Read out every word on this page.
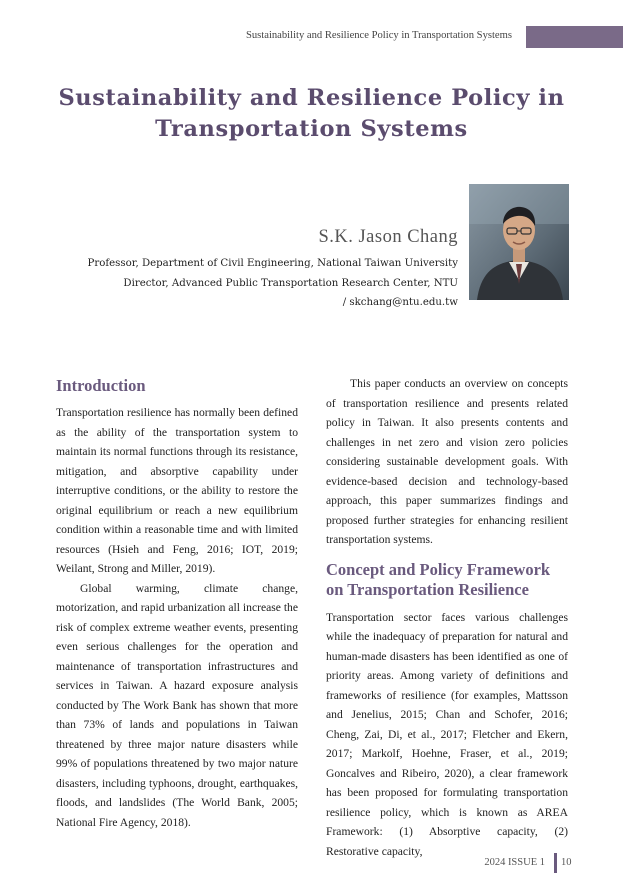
Sustainability and Resilience Policy in Transportation Systems
Sustainability and Resilience Policy in
Transportation Systems
S.K. Jason Chang
Professor, Department of Civil Engineering, National Taiwan University
Director, Advanced Public Transportation Research Center, NTU
/ skchang@ntu.edu.tw
Introduction

Transportation resilience has normally been defined as the ability of the transportation system to maintain its normal functions through its resistance, mitigation, and absorptive capability under interruptive conditions, or the ability to restore the original equilibrium or reach a new equilibrium condition within a reasonable time and with limited resources (Hsieh and Feng, 2016; IOT, 2019; Weilant, Strong and Miller, 2019).

Global warming, climate change, motorization, and rapid urbanization all increase the risk of complex extreme weather events, presenting even serious challenges for the operation and maintenance of transportation infrastructures and services in Taiwan. A hazard exposure analysis conducted by The Work Bank has shown that more than 73% of lands and populations in Taiwan threatened by three major nature disasters while 99% of populations threatened by two major nature disasters, including typhoons, drought, earthquakes, floods, and landslides (The World Bank, 2005; National Fire Agency, 2018).

This paper conducts an overview on concepts of transportation resilience and presents related policy in Taiwan. It also presents contents and challenges in net zero and vision zero policies considering sustainable development goals. With evidence-based decision and technology-based approach, this paper summarizes findings and proposed further strategies for enhancing resilient transportation systems.

Concept and Policy Framework
on Transportation Resilience

Transportation sector faces various challenges while the inadequacy of preparation for natural and human-made disasters has been identified as one of priority areas. Among variety of definitions and frameworks of resilience (for examples, Mattsson and Jenelius, 2015; Chan and Schofer, 2016; Cheng, Zai, Di, et al., 2017; Fletcher and Ekern, 2017; Markolf, Hoehne, Fraser, et al., 2019; Goncalves and Ribeiro, 2020), a clear framework has been proposed for formulating transportation resilience policy, which is known as AREA Framework: (1) Absorptive capacity, (2) Restorative capacity,

2024 ISSUE 1 10
